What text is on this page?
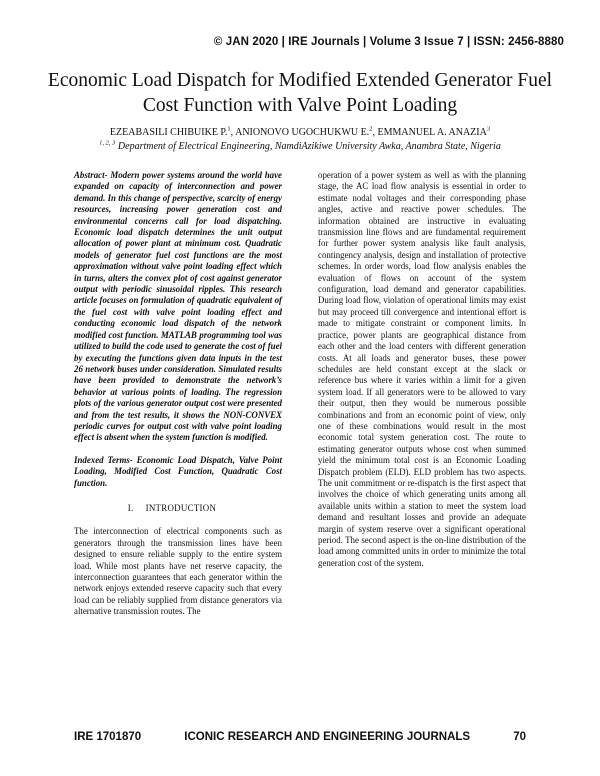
© JAN 2020 | IRE Journals | Volume 3 Issue 7 | ISSN: 2456-8880
Economic Load Dispatch for Modified Extended Generator Fuel Cost Function with Valve Point Loading
EZEABASILI CHIBUIKE P.$^1$, ANIONOVO UGOCHUKWU E.$^2$, EMMANUEL A. ANAZIA$^3$
$^{1, 2, 3}$ Department of Electrical Engineering, NamdiAzikiwe University Awka, Anambra State, Nigeria
Abstract- Modern power systems around the world have expanded on capacity of interconnection and power demand. In this change of perspective, scarcity of energy resources, increasing power generation cost and environmental concerns call for load dispatching. Economic load dispatch determines the unit output allocation of power plant at minimum cost. Quadratic models of generator fuel cost functions are the most approximation without valve point loading effect which in turns, alters the convex plot of cost against generator output with periodic sinusoidal ripples. This research article focuses on formulation of quadratic equivalent of the fuel cost with valve point loading effect and conducting economic load dispatch of the network modified cost function. MATLAB programming tool was utilized to build the code used to generate the cost of fuel by executing the functions given data inputs in the test 26 network buses under consideration. Simulated results have been provided to demonstrate the network’s behavior at various points of loading. The regression plots of the various generator output cost were presented and from the test results, it shows the NON-CONVEX periodic curves for output cost with valve point loading effect is absent when the system function is modified.
Indexed Terms- Economic Load Dispatch, Valve Point Loading, Modified Cost Function, Quadratic Cost function.
I. INTRODUCTION

The interconnection of electrical components such as generators through the transmission lines have been designed to ensure reliable supply to the entire system load. While most plants have net reserve capacity, the interconnection guarantees that each generator within the network enjoys extended reserve capacity such that every load can be reliably supplied from distance generators via alternative transmission routes. The

operation of a power system as well as with the planning stage, the AC load flow analysis is essential in order to estimate nodal voltages and their corresponding phase angles, active and reactive power schedules. The information obtained are instructive in evaluating transmission line flows and are fundamental requirement for further power system analysis like fault analysis, contingency analysis, design and installation of protective schemes. In order words, load flow analysis enables the evaluation of flows on account of the system configuration, load demand and generator capabilities. During load flow, violation of operational limits may exist but may proceed till convergence and intentional effort is made to mitigate constraint or component limits. In practice, power plants are geographical distance from each other and the load centers with different generation costs. At all loads and generator buses, these power schedules are held constant except at the slack or reference bus where it varies within a limit for a given system load. If all generators were to be allowed to vary their output, then they would be numerous possible combinations and from an economic point of view, only one of these combinations would result in the most economic total system generation cost. The route to estimating generator outputs whose cost when summed yield the minimum total cost is an Economic Loading Dispatch problem (ELD). ELD problem has two aspects. The unit commitment or re-dispatch is the first aspect that involves the choice of which generating units among all available units within a station to meet the system load demand and resultant losses and provide an adequate margin of system reserve over a significant operational period. The second aspect is the on-line distribution of the load among committed units in order to minimize the total generation cost of the system.

IRE 1701870	ICONIC RESEARCH AND ENGINEERING JOURNALS	70
